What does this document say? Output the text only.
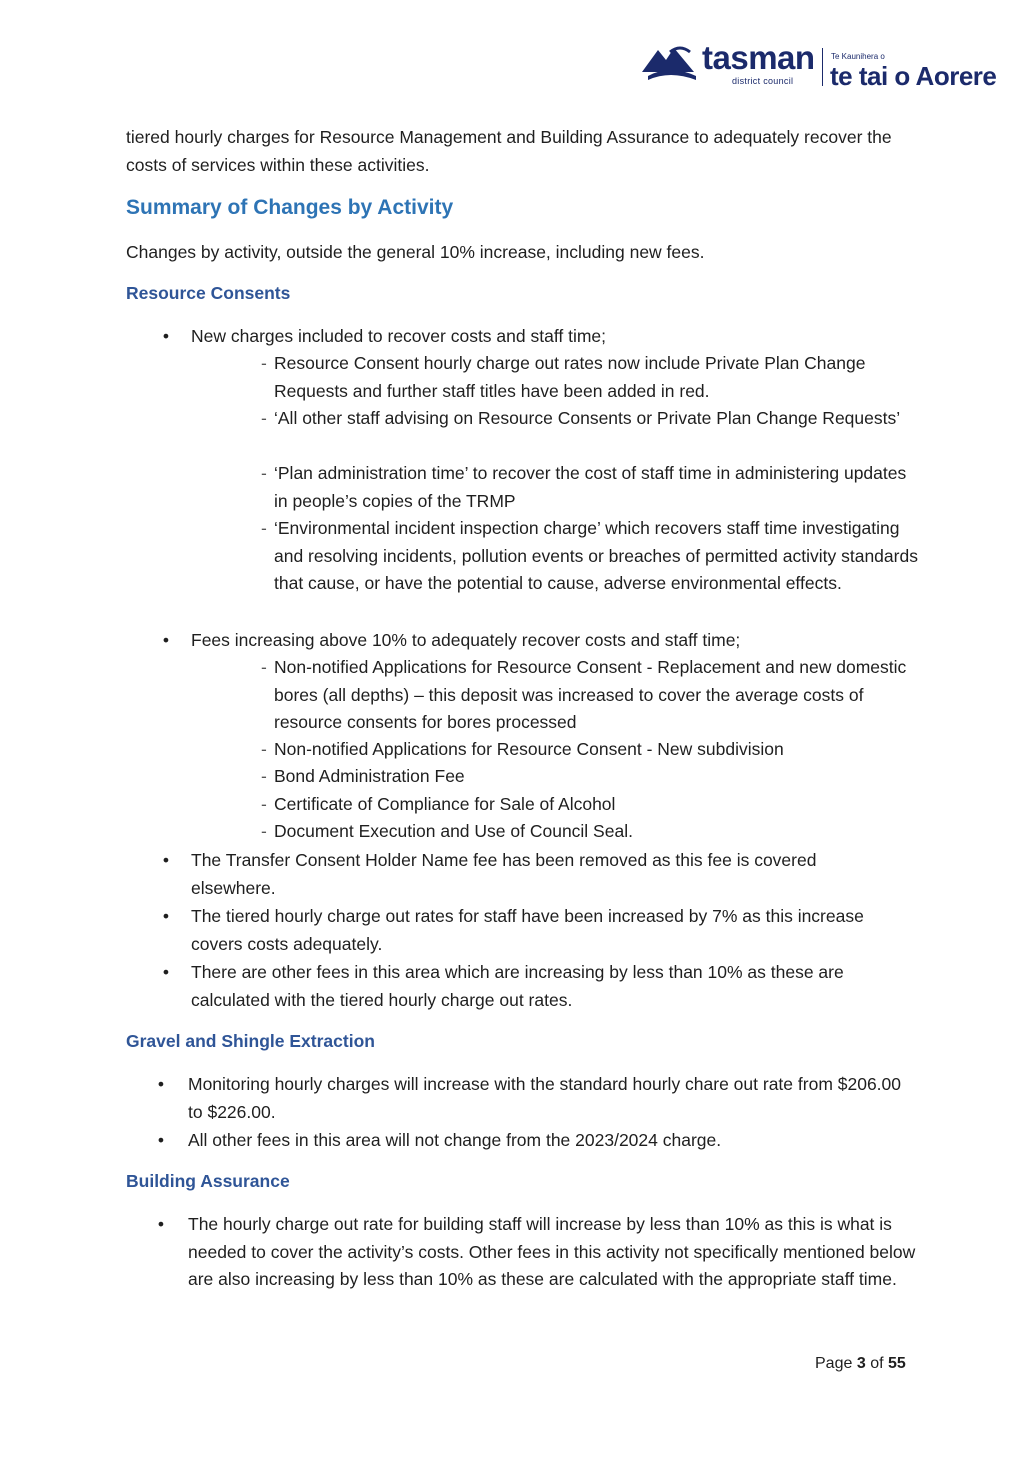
tasman
district council
Te Kaunihera o
te tai o Aorere
tiered hourly charges for Resource Management and Building Assurance to adequately recover the costs of services within these activities.
Summary of Changes by Activity
Changes by activity, outside the general 10% increase, including new fees.
Resource Consents
• New charges included to recover costs and staff time;
- Resource Consent hourly charge out rates now include Private Plan Change Requests and further staff titles have been added in red.
- ‘All other staff advising on Resource Consents or Private Plan Change Requests’
- ‘Plan administration time’ to recover the cost of staff time in administering updates in people’s copies of the TRMP
- ‘Environmental incident inspection charge’ which recovers staff time investigating and resolving incidents, pollution events or breaches of permitted activity standards that cause, or have the potential to cause, adverse environmental effects.
• Fees increasing above 10% to adequately recover costs and staff time;
- Non-notified Applications for Resource Consent - Replacement and new domestic bores (all depths) – this deposit was increased to cover the average costs of resource consents for bores processed
- Non-notified Applications for Resource Consent - New subdivision
- Bond Administration Fee
- Certificate of Compliance for Sale of Alcohol
- Document Execution and Use of Council Seal.
• The Transfer Consent Holder Name fee has been removed as this fee is covered elsewhere.
• The tiered hourly charge out rates for staff have been increased by 7% as this increase covers costs adequately.
• There are other fees in this area which are increasing by less than 10% as these are calculated with the tiered hourly charge out rates.
Gravel and Shingle Extraction
• Monitoring hourly charges will increase with the standard hourly chare out rate from $206.00 to $226.00.
• All other fees in this area will not change from the 2023/2024 charge.
Building Assurance
• The hourly charge out rate for building staff will increase by less than 10% as this is what is needed to cover the activity’s costs. Other fees in this activity not specifically mentioned below are also increasing by less than 10% as these are calculated with the appropriate staff time.
Page 3 of 55
